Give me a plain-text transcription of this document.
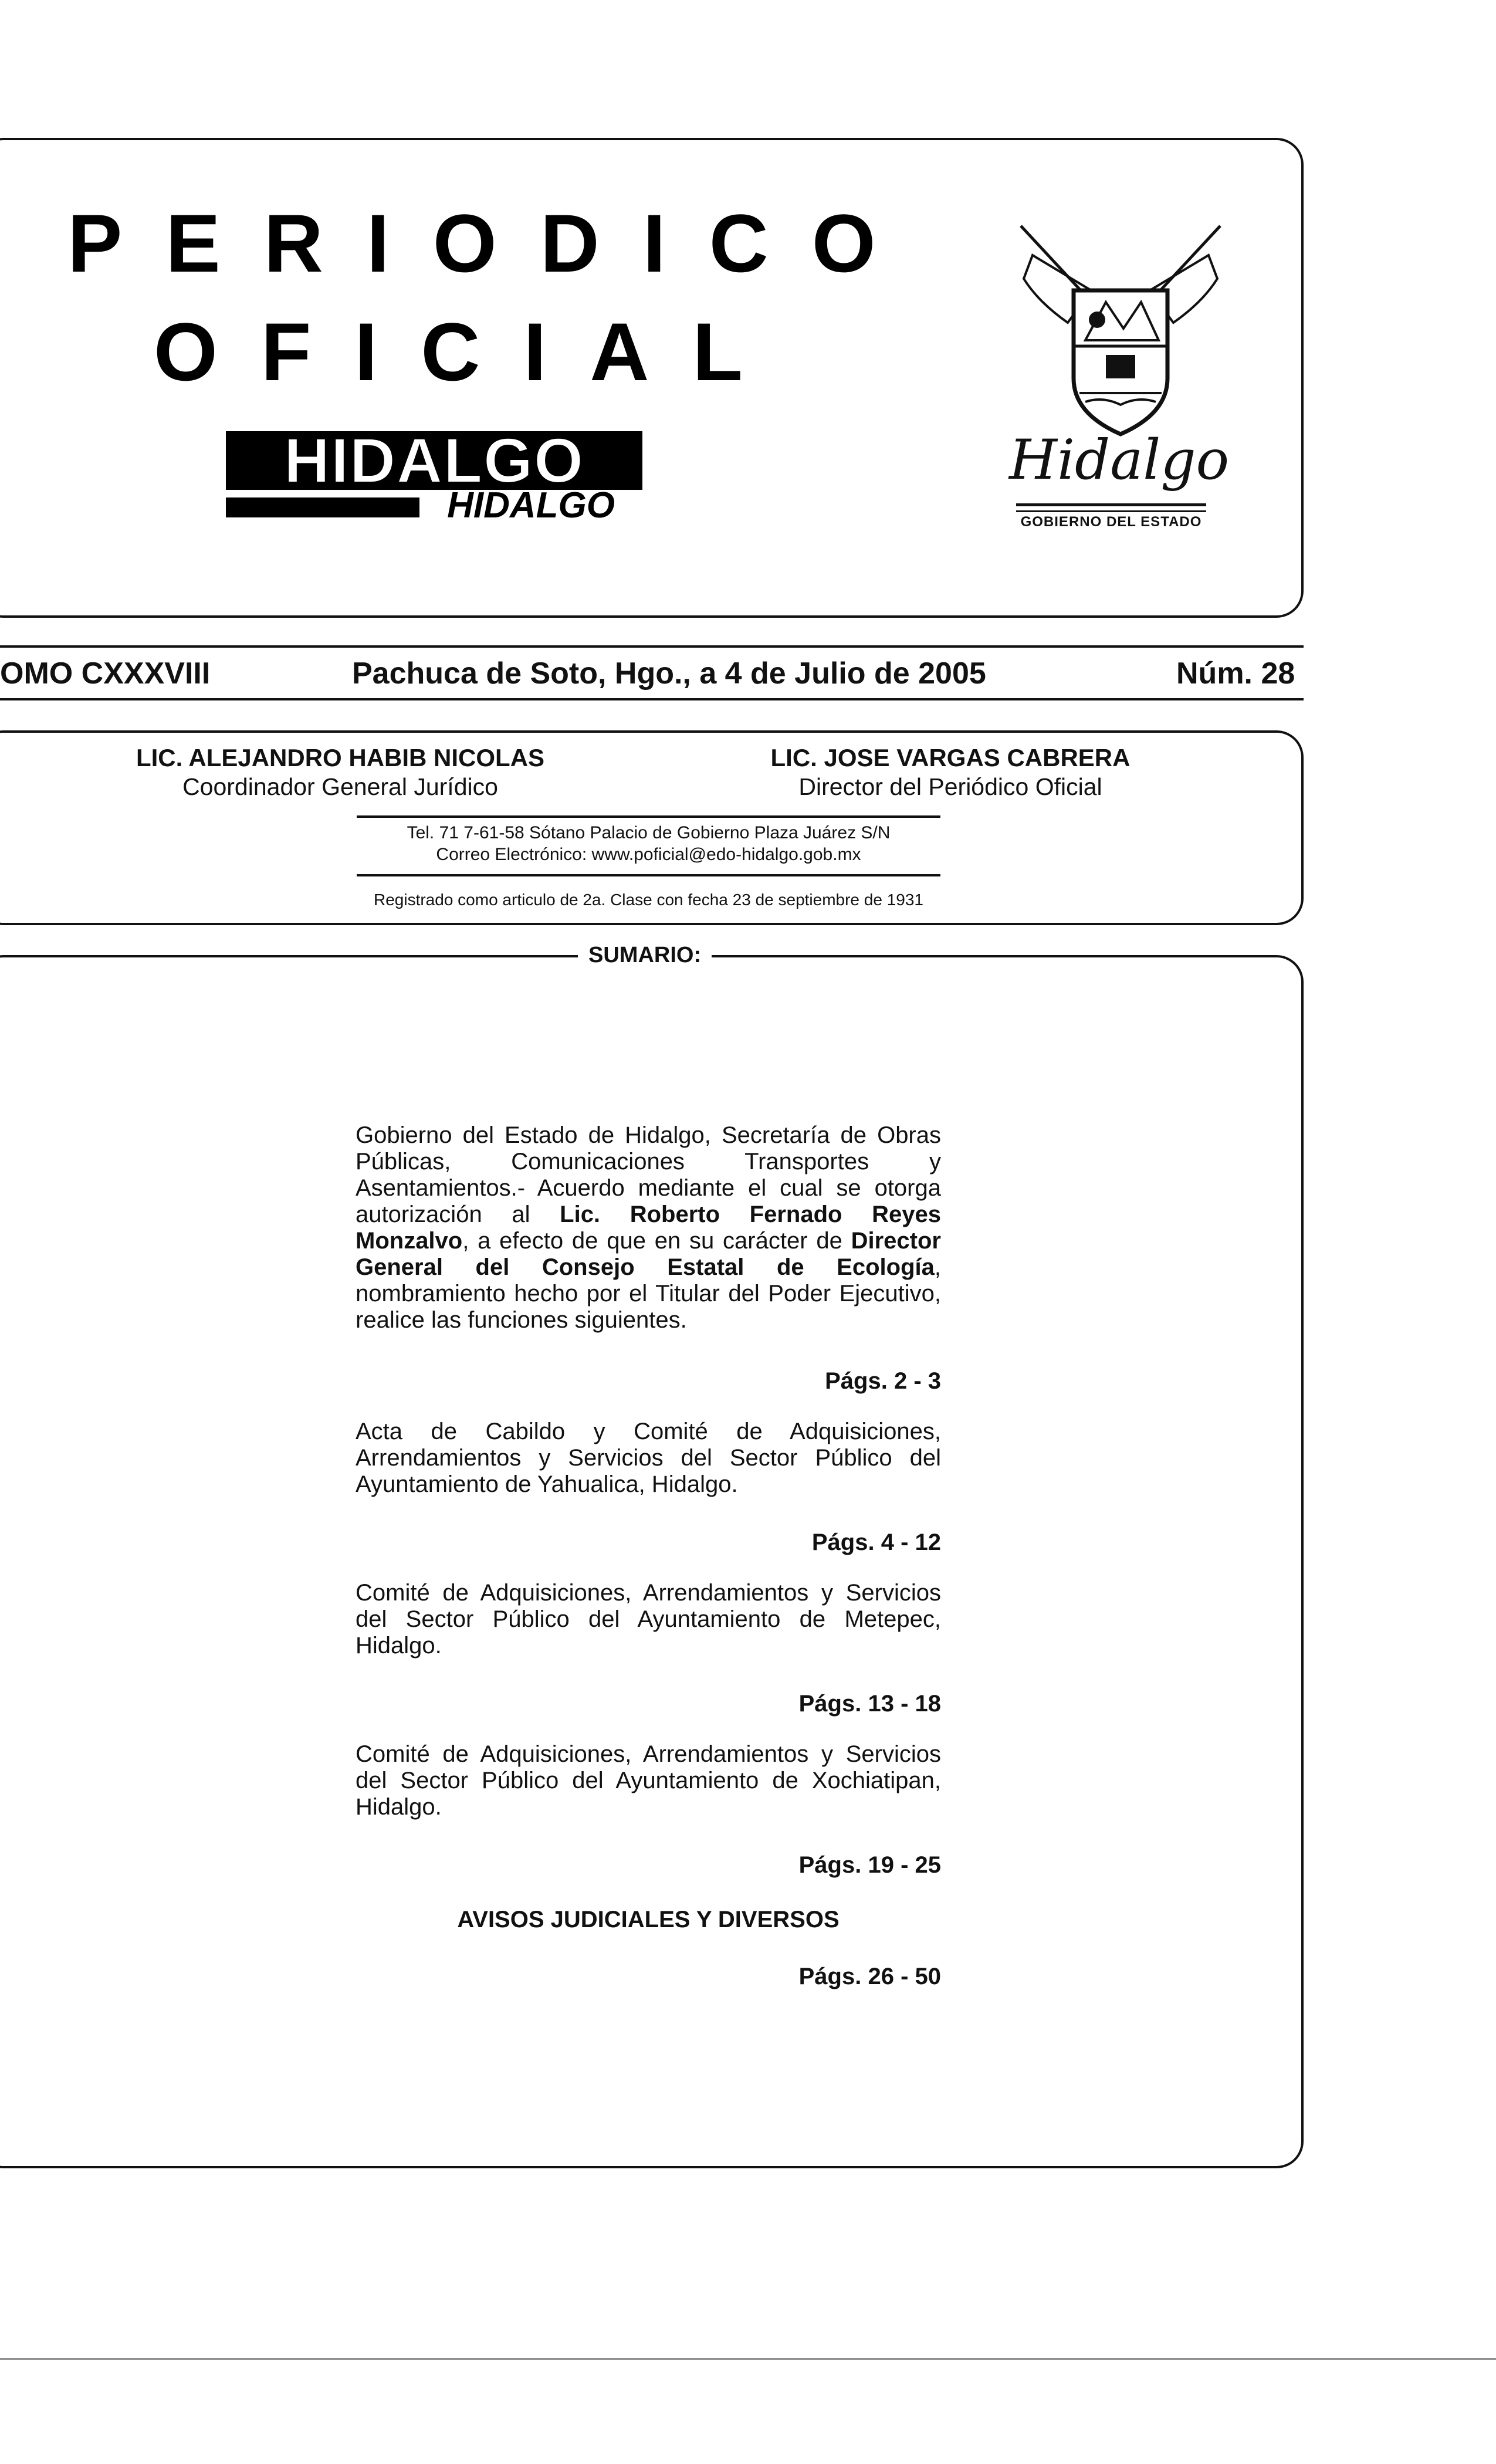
PERIODICO
OFICIAL
HIDALGO
HIDALGO
Hidalgo
GOBIERNO DEL ESTADO
OMO CXXXVIII	Pachuca de Soto, Hgo., a 4 de Julio de 2005	Núm. 28
LIC. ALEJANDRO HABIB NICOLAS
Coordinador General Jurídico
LIC. JOSE VARGAS CABRERA
Director del Periódico Oficial
Tel. 71 7-61-58 Sótano Palacio de Gobierno Plaza Juárez S/N
Correo Electrónico: www.poficial@edo-hidalgo.gob.mx
Registrado como articulo de 2a. Clase con fecha 23 de septiembre de 1931
SUMARIO:

Gobierno del Estado de Hidalgo, Secretaría de Obras Públicas, Comunicaciones Transportes y Asentamientos.- Acuerdo mediante el cual se otorga autorización al Lic. Roberto Fernado Reyes Monzalvo, a efecto de que en su carácter de Director General del Consejo Estatal de Ecología, nombramiento hecho por el Titular del Poder Ejecutivo, realice las funciones siguientes.

Págs. 2 - 3

Acta de Cabildo y Comité de Adquisiciones, Arrendamientos y Servicios del Sector Público del Ayuntamiento de Yahualica, Hidalgo.

Págs. 4 - 12

Comité de Adquisiciones, Arrendamientos y Servicios del Sector Público del Ayuntamiento de Metepec, Hidalgo.

Págs. 13 - 18

Comité de Adquisiciones, Arrendamientos y Servicios del Sector Público del Ayuntamiento de Xochiatipan, Hidalgo.

Págs. 19 - 25
AVISOS JUDICIALES Y DIVERSOS
Págs. 26 - 50
